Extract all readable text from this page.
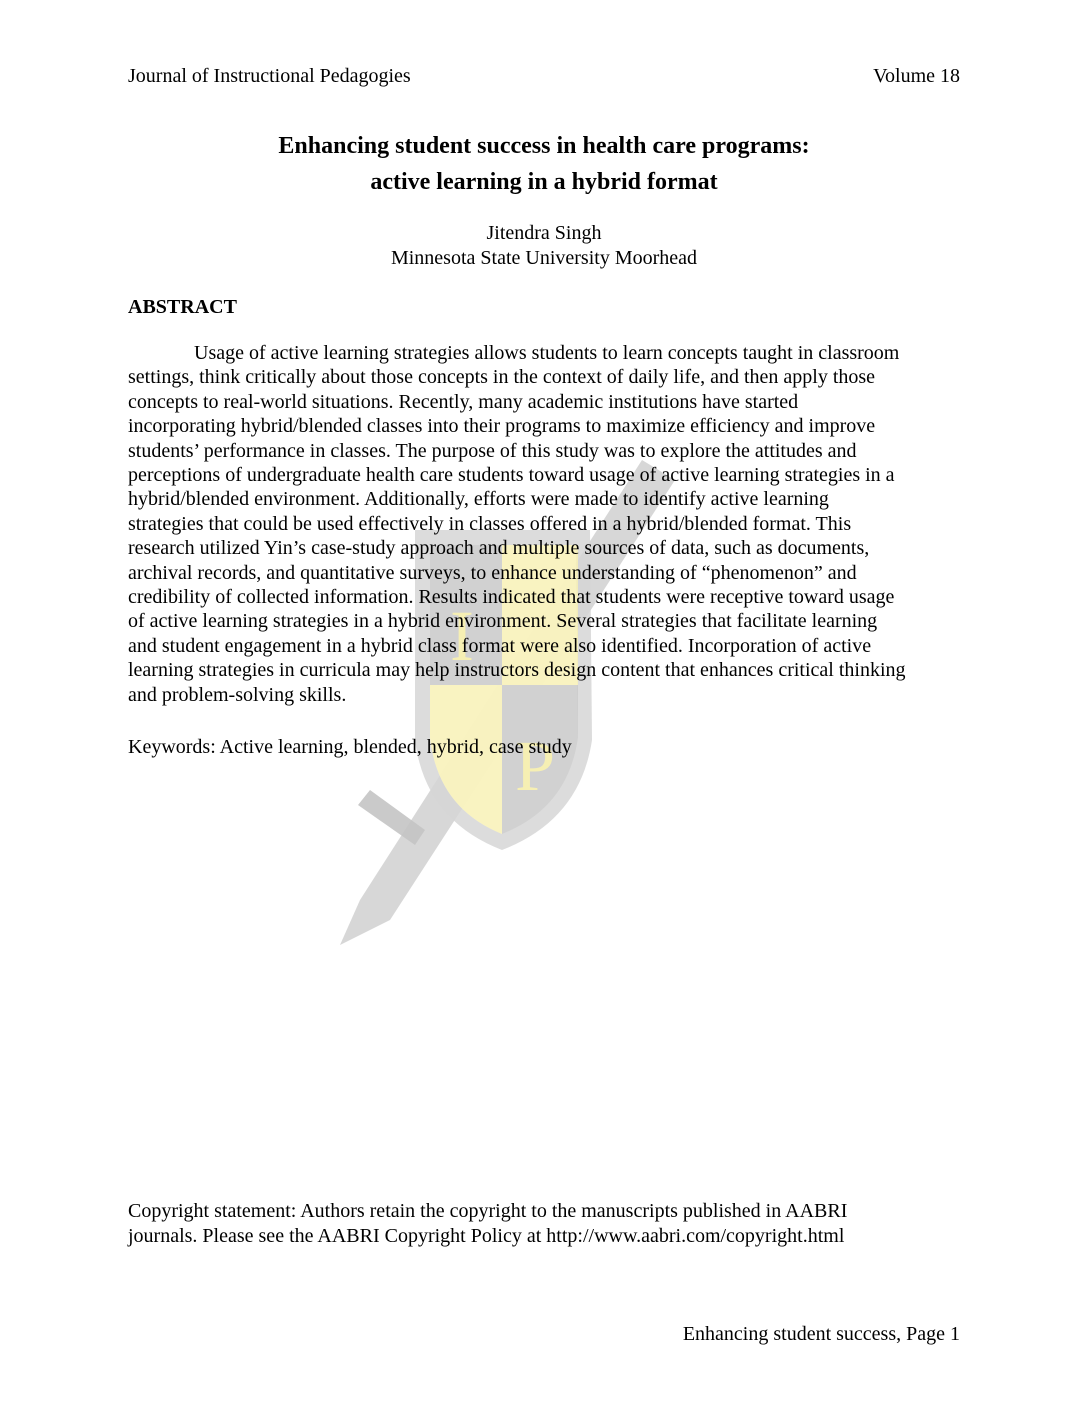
I
P
Journal of Instructional Pedagogies	Volume 18
Enhancing student success in health care programs:
active learning in a hybrid format
Jitendra Singh
Minnesota State University Moorhead
ABSTRACT
Usage of active learning strategies allows students to learn concepts taught in classroom
settings, think critically about those concepts in the context of daily life, and then apply those
concepts to real-world situations. Recently, many academic institutions have started
incorporating hybrid/blended classes into their programs to maximize efficiency and improve
students’ performance in classes. The purpose of this study was to explore the attitudes and
perceptions of undergraduate health care students toward usage of active learning strategies in a
hybrid/blended environment. Additionally, efforts were made to identify active learning
strategies that could be used effectively in classes offered in a hybrid/blended format. This
research utilized Yin’s case-study approach and multiple sources of data, such as documents,
archival records, and quantitative surveys, to enhance understanding of “phenomenon” and
credibility of collected information. Results indicated that students were receptive toward usage
of active learning strategies in a hybrid environment. Several strategies that facilitate learning
and student engagement in a hybrid class format were also identified. Incorporation of active
learning strategies in curricula may help instructors design content that enhances critical thinking
and problem-solving skills.
Keywords: Active learning, blended, hybrid, case study
Copyright statement: Authors retain the copyright to the manuscripts published in AABRI
journals. Please see the AABRI Copyright Policy at http://www.aabri.com/copyright.html
Enhancing student success, Page 1
